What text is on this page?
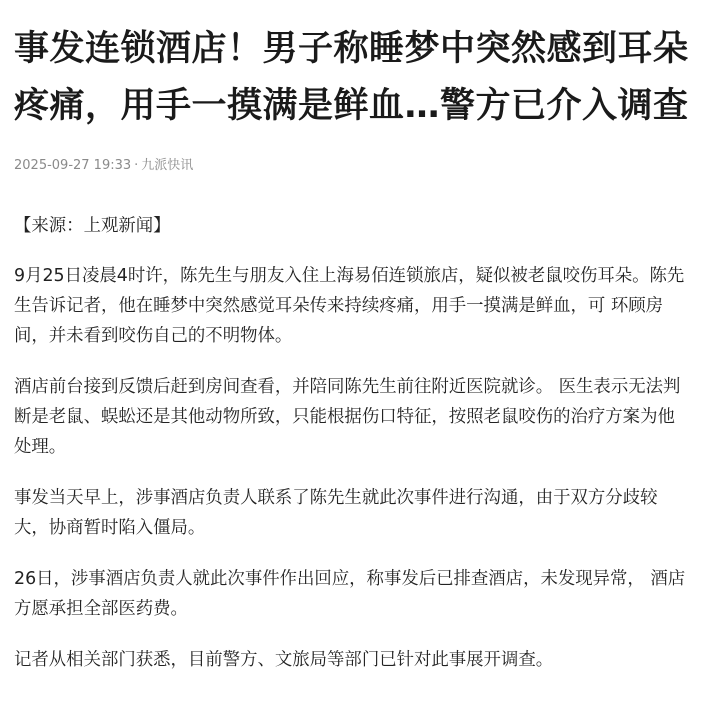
事发连锁酒店！男子称睡梦中突然感到耳朵疼痛，用手一摸满是鲜血…警方已介入调查
2025-09-27 19:33 · 九派快讯

【来源：上观新闻】

9月25日凌晨4时许，陈先生与朋友入住上海易佰连锁旅店，疑似被老鼠咬伤耳朵。陈先生告诉记者，他在睡梦中突然感觉耳朵传来持续疼痛，用手一摸满是鲜血，可 环顾房间，并未看到咬伤自己的不明物体。

酒店前台接到反馈后赶到房间查看，并陪同陈先生前往附近医院就诊。 医生表示无法判断是老鼠、蜈蚣还是其他动物所致，只能根据伤口特征，按照老鼠咬伤的治疗方案为他处理。

事发当天早上，涉事酒店负责人联系了陈先生就此次事件进行沟通，由于双方分歧较大，协商暂时陷入僵局。

26日，涉事酒店负责人就此次事件作出回应，称事发后已排查酒店，未发现异常， 酒店方愿承担全部医药费。

记者从相关部门获悉，目前警方、文旅局等部门已针对此事展开调查。
